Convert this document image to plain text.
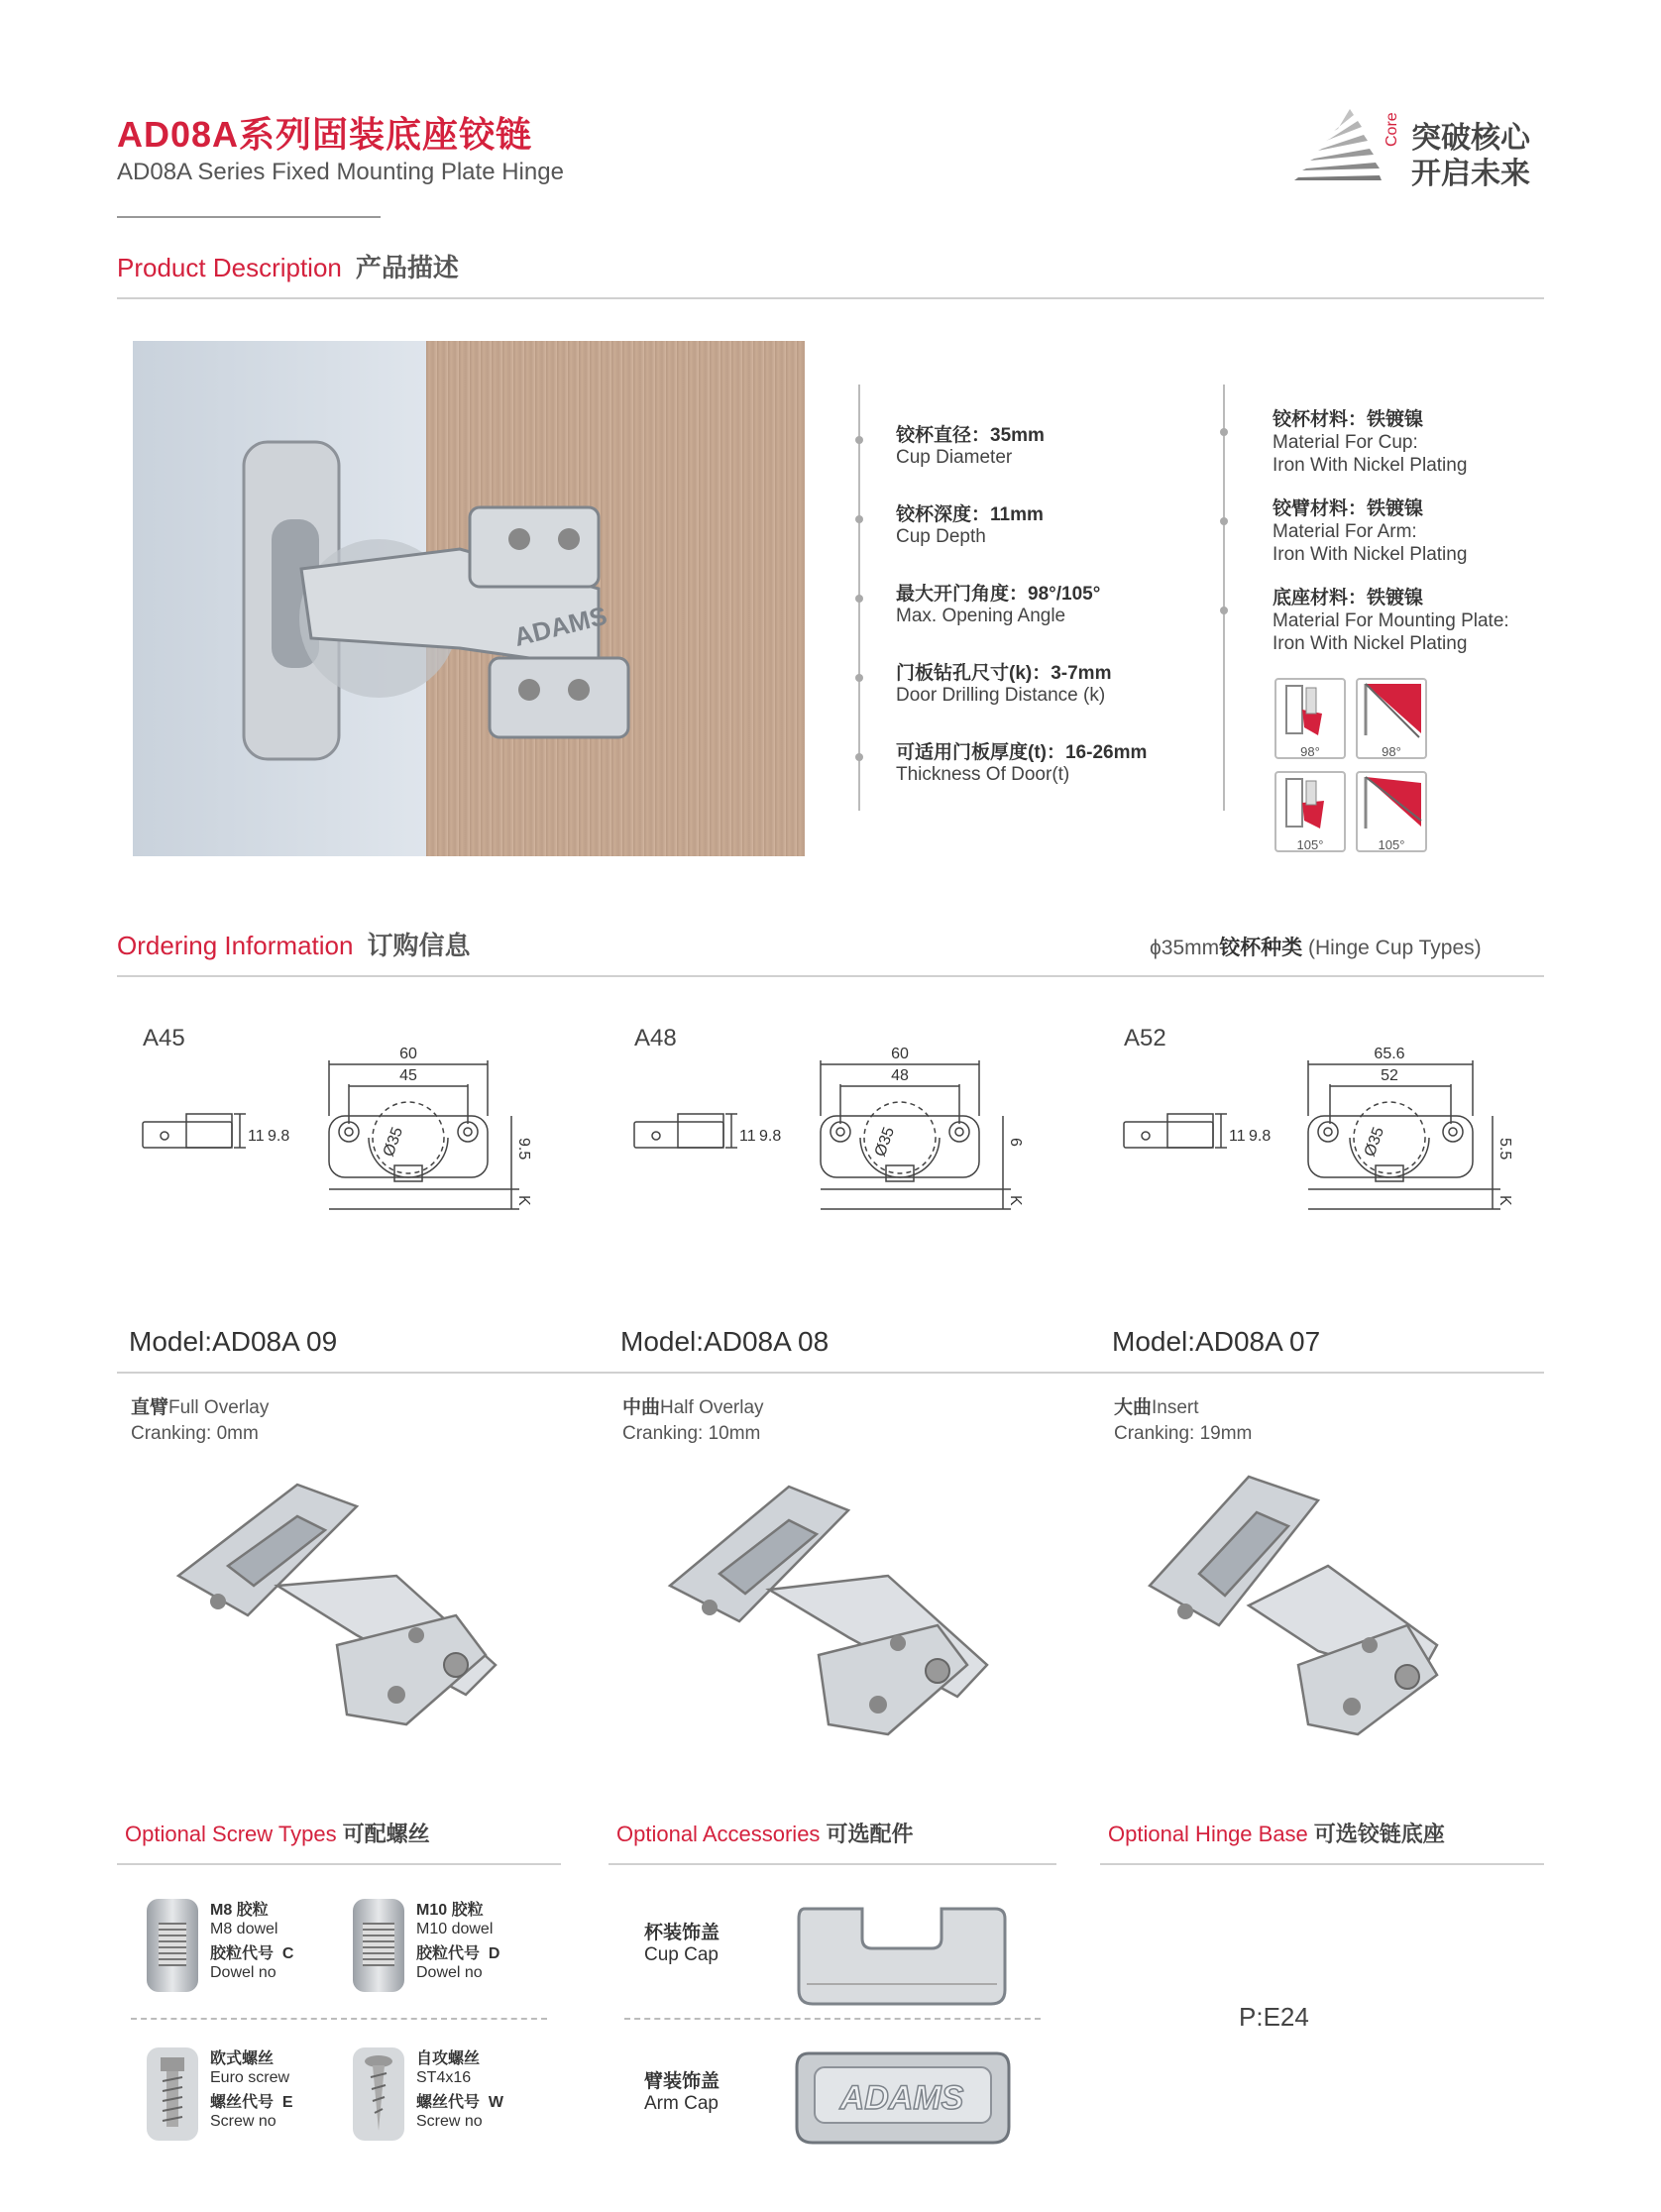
AD08A系列固装底座铰链
AD08A Series Fixed Mounting Plate Hinge
Core 突破核心
开启未来
Product Description 产品描述
ADAMS
铰杯直径：35mm
Cup Diameter
铰杯深度：11mm
Cup Depth
最大开门角度：98°/105°
Max. Opening Angle
门板钻孔尺寸(k)：3-7mm
Door Drilling Distance (k)
可适用门板厚度(t)：16-26mm
Thickness Of Door(t)
铰杯材料：铁镀镍
Material For Cup:
Iron With Nickel Plating
铰臂材料：铁镀镍
Material For Arm:
Iron With Nickel Plating
底座材料：铁镀镍
Material For Mounting Plate:
Iron With Nickel Plating
98°	98°
105°	105°
Ordering Information 订购信息	ϕ35mm铰杯种类 (Hinge Cup Types)
A45
60
45
11 9.8
9.5
K
Ø35
A48
60
48
11 9.8	6
K
Ø35
A52
65.6
52
11 9.8
5.5
K
Ø35
Model:AD08A 09	Model:AD08A 08	Model:AD08A 07
直臂Full Overlay
Cranking: 0mm
中曲Half Overlay
Cranking: 10mm
大曲Insert
Cranking: 19mm
Optional Screw Types 可配螺丝	Optional Accessories 可选配件	Optional Hinge Base 可选铰链底座
M8 胶粒
M8 dowel
胶粒代号 C
Dowel no
M10 胶粒
M10 dowel
胶粒代号 D
Dowel no
欧式螺丝
Euro screw
螺丝代号 E
Screw no
自攻螺丝
ST4x16
螺丝代号 W
Screw no
杯装饰盖
Cup Cap
臂装饰盖
Arm Cap	ADAMS
P:E24
